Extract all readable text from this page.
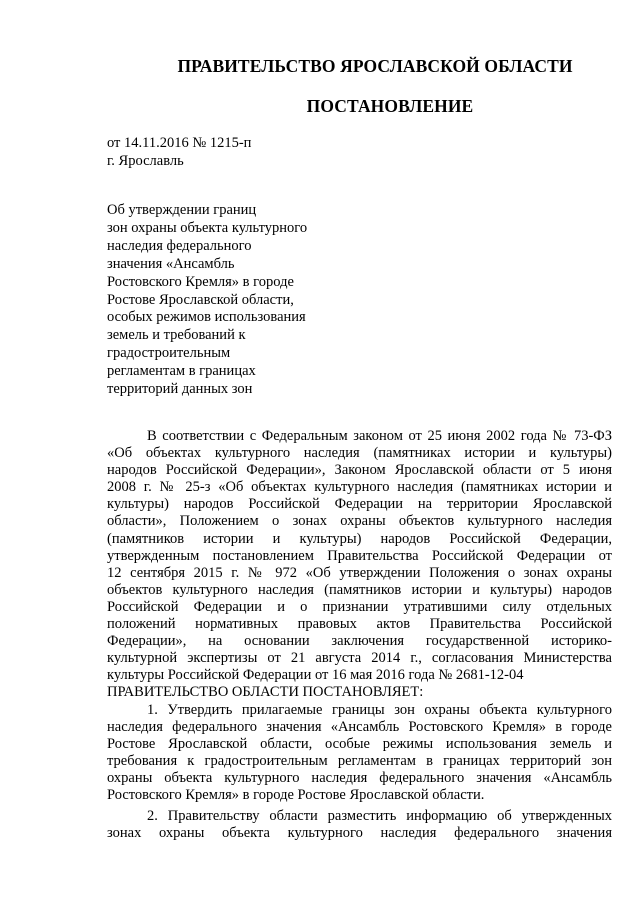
ПРАВИТЕЛЬСТВО ЯРОСЛАВСКОЙ ОБЛАСТИ
ПОСТАНОВЛЕНИЕ
от 14.11.2016 № 1215-п
г. Ярославль
Об утверждении границ
зон охраны объекта культурного
наследия федерального
значения «Ансамбль
Ростовского Кремля» в городе
Ростове Ярославской области,
особых режимов использования
земель и требований к
градостроительным
регламентам в границах
территорий данных зон
В соответствии с Федеральным законом от 25 июня 2002 года № 73-ФЗ
«Об объектах культурного наследия (памятниках истории и культуры)
народов Российской Федерации», Законом Ярославской области от 5 июня
2008 г. № 25-з «Об объектах культурного наследия (памятниках истории и
культуры) народов Российской Федерации на территории Ярославской
области», Положением о зонах охраны объектов культурного наследия
(памятников истории и культуры) народов Российской Федерации,
утвержденным постановлением Правительства Российской Федерации от
12 сентября 2015 г. № 972 «Об утверждении Положения о зонах охраны
объектов культурного наследия (памятников истории и культуры) народов
Российской Федерации и о признании утратившими силу отдельных
положений нормативных правовых актов Правительства Российской
Федерации», на основании заключения государственной историко-
культурной экспертизы от 21 августа 2014 г., согласования Министерства
культуры Российской Федерации от 16 мая 2016 года № 2681-12-04
ПРАВИТЕЛЬСТВО ОБЛАСТИ ПОСТАНОВЛЯЕТ:
1. Утвердить прилагаемые границы зон охраны объекта культурного
наследия федерального значения «Ансамбль Ростовского Кремля» в городе
Ростове Ярославской области, особые режимы использования земель и
требования к градостроительным регламентам в границах территорий зон
охраны объекта культурного наследия федерального значения «Ансамбль
Ростовского Кремля» в городе Ростове Ярославской области.
2. Правительству области разместить информацию об утвержденных
зонах охраны объекта культурного наследия федерального значения
